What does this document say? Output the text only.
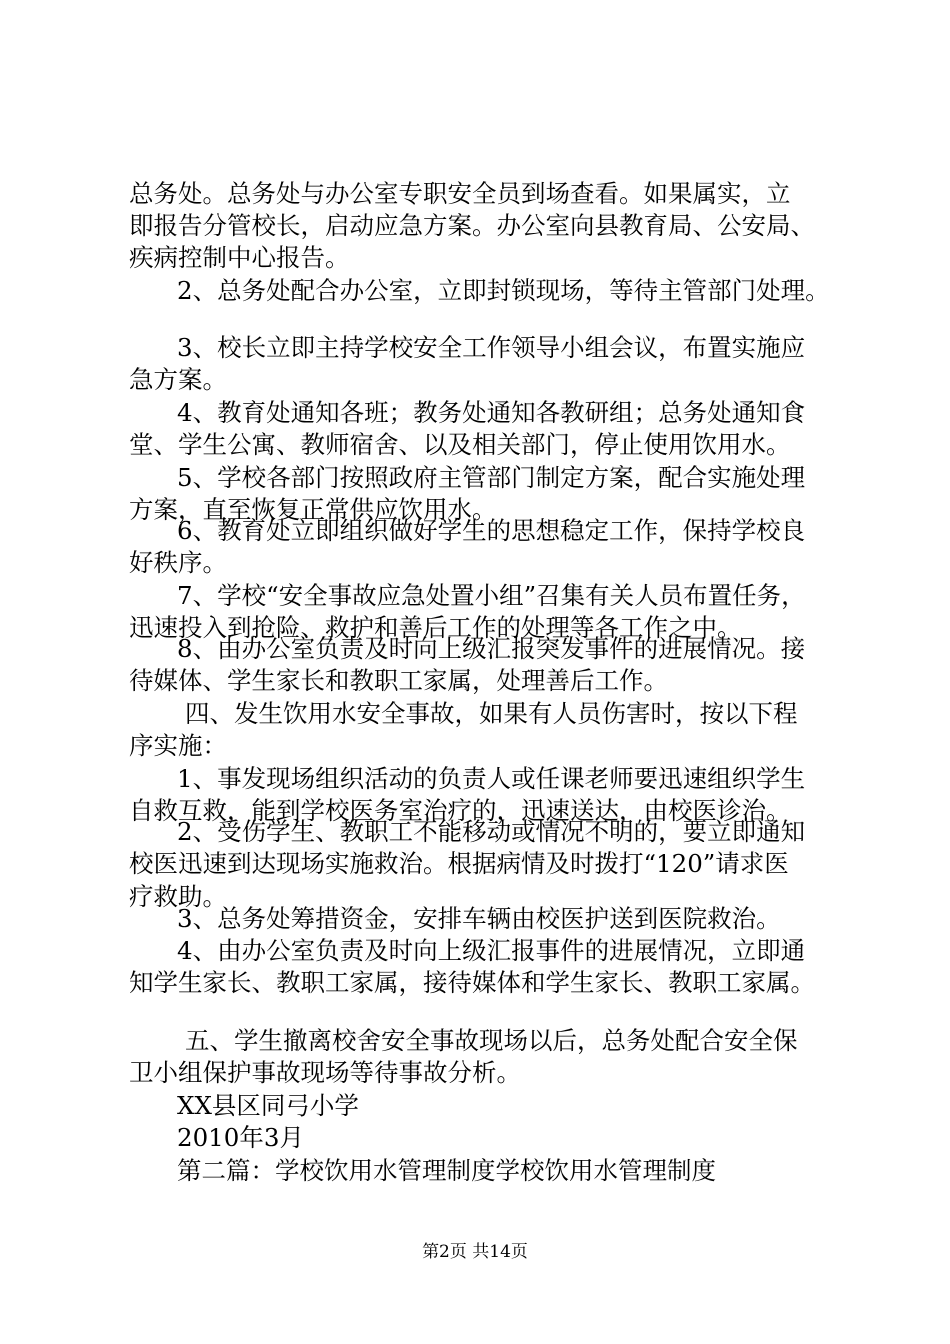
总务处。总务处与办公室专职安全员到场查看。如果属实，立

即报告分管校长，启动应急方案。办公室向县教育局、公安局、

疾病控制中心报告。

2、总务处配合办公室，立即封锁现场，等待主管部门处理。

3、校长立即主持学校安全工作领导小组会议，布置实施应

急方案。

4、教育处通知各班；教务处通知各教研组；总务处通知食

堂、学生公寓、教师宿舍、以及相关部门，停止使用饮用水。

5、学校各部门按照政府主管部门制定方案，配合实施处理

方案，直至恢复正常供应饮用水。

6、教育处立即组织做好学生的思想稳定工作，保持学校良

好秩序。

7、学校“安全事故应急处置小组”召集有关人员布置任务，

迅速投入到抢险、救护和善后工作的处理等各工作之中。

8、由办公室负责及时向上级汇报突发事件的进展情况。接

待媒体、学生家长和教职工家属，处理善后工作。

四、发生饮用水安全事故，如果有人员伤害时，按以下程

序实施：

1、事发现场组织活动的负责人或任课老师要迅速组织学生

自救互救，能到学校医务室治疗的，迅速送达，由校医诊治。

2、受伤学生、教职工不能移动或情况不明的，要立即通知

校医迅速到达现场实施救治。根据病情及时拨打“120”请求医

疗救助。

3、总务处筹措资金，安排车辆由校医护送到医院救治。

4、由办公室负责及时向上级汇报事件的进展情况，立即通

知学生家长、教职工家属，接待媒体和学生家长、教职工家属。

五、学生撤离校舍安全事故现场以后，总务处配合安全保

卫小组保护事故现场等待事故分析。

XX县区同弓小学

2010年3月

第二篇：学校饮用水管理制度学校饮用水管理制度

第2页 共14页
